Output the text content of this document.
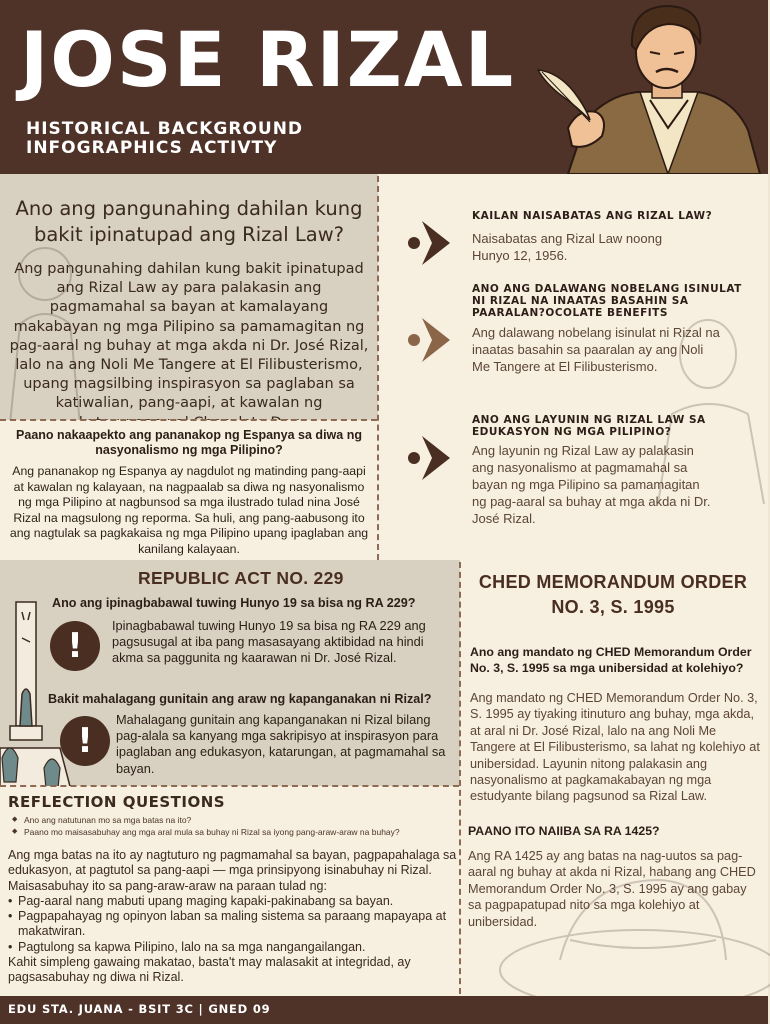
JOSE RIZAL
HISTORICAL BACKGROUND
INFOGRAPHICS ACTIVTY
Ano ang pangunahing dahilan kung bakit ipinatupad ang Rizal Law?
Ang pangunahing dahilan kung bakit ipinatupad ang Rizal Law ay para palakasin ang pagmamahal sa bayan at kamalayang makabayan ng mga Pilipino sa pamamagitan ng pag-aaral ng buhay at mga akda ni Dr. José Rizal, lalo na ang Noli Me Tangere at El Filibusterismo, upang magsilbing inspirasyon sa paglaban sa katiwalian, pang-aapi, at kawalan ng
Paano nakaapekto ang pananakop ng Espanya sa diwa ng nasyonalismo ng mga Pilipino?
Ang pananakop ng Espanya ay nagdulot ng matinding pang-aapi at kawalan ng kalayaan, na nagpaalab sa diwa ng nasyonalismo ng mga Pilipino at nagbunsod sa mga ilustrado tulad nina José Rizal na magsulong ng reporma. Sa huli, ang pang-aabusong ito ang nagtulak sa pagkakaisa ng mga Pilipino upang ipaglaban ang kanilang kalayaan.
KAILAN NAISABATAS ANG RIZAL LAW?
Naisabatas ang Rizal Law noong Hunyo 12, 1956.
ANO ANG DALAWANG NOBELANG ISINULAT NI RIZAL NA INAATAS BASAHIN SA PAARALAN?OCOLATE BENEFITS
Ang dalawang nobelang isinulat ni Rizal na inaatas basahin sa paaralan ay ang Noli Me Tangere at El Filibusterismo.
ANO ANG LAYUNIN NG RIZAL LAW SA EDUKASYON NG MGA PILIPINO?
Ang layunin ng Rizal Law ay palakasin ang nasyonalismo at pagmamahal sa bayan ng mga Pilipino sa pamamagitan ng pag-aaral sa buhay at mga akda ni Dr. José Rizal.
REPUBLIC ACT NO. 229
Ano ang ipinagbabawal tuwing Hunyo 19 sa bisa ng RA 229?
!
Ipinagbabawal tuwing Hunyo 19 sa bisa ng RA 229 ang pagsusugal at iba pang masasayang aktibidad na hindi akma sa paggunita ng kaarawan ni Dr. José Rizal.
Bakit mahalagang gunitain ang araw ng kapanganakan ni Rizal?
!
Mahalagang gunitain ang kapanganakan ni Rizal bilang pag-alala sa kanyang mga sakripisyo at inspirasyon para ipaglaban ang edukasyon, katarungan, at pagmamahal sa bayan.
CHED MEMORANDUM ORDER NO. 3, S. 1995
Ano ang mandato ng CHED Memorandum Order No. 3, S. 1995 sa mga unibersidad at kolehiyo?
Ang mandato ng CHED Memorandum Order No. 3, S. 1995 ay tiyaking itinuturo ang buhay, mga akda, at aral ni Dr. José Rizal, lalo na ang Noli Me Tangere at El Filibusterismo, sa lahat ng kolehiyo at unibersidad. Layunin nitong palakasin ang nasyonalismo at pagkamakabayan ng mga estudyante bilang pagsunod sa Rizal Law.
PAANO ITO NAIIBA SA RA 1425?
Ang RA 1425 ay ang batas na nag-uutos sa pag-aaral ng buhay at akda ni Rizal, habang ang CHED Memorandum Order No. 3, S. 1995 ay ang gabay sa pagpapatupad nito sa mga kolehiyo at unibersidad.
REFLECTION QUESTIONS
◆ Ano ang natutunan mo sa mga batas na ito?
◆ Paano mo maisasabuhay ang mga aral mula sa buhay ni Rizal sa iyong pang-araw-araw na buhay?
Ang mga batas na ito ay nagtuturo ng pagmamahal sa bayan, pagpapahalaga sa edukasyon, at pagtutol sa pang-aapi — mga prinsipyong isinabuhay ni Rizal. Maisasabuhay ito sa pang-araw-araw na paraan tulad ng:
• Pag-aaral nang mabuti upang maging kapaki-pakinabang sa bayan.
• Pagpapahayag ng opinyon laban sa maling sistema sa paraang mapayapa at makatwiran.
• Pagtulong sa kapwa Pilipino, lalo na sa mga nangangailangan.
Kahit simpleng gawaing makatao, basta't may malasakit at integridad, ay pagsasabuhay ng diwa ni Rizal.
EDU STA. JUANA - BSIT 3C | GNED 09
